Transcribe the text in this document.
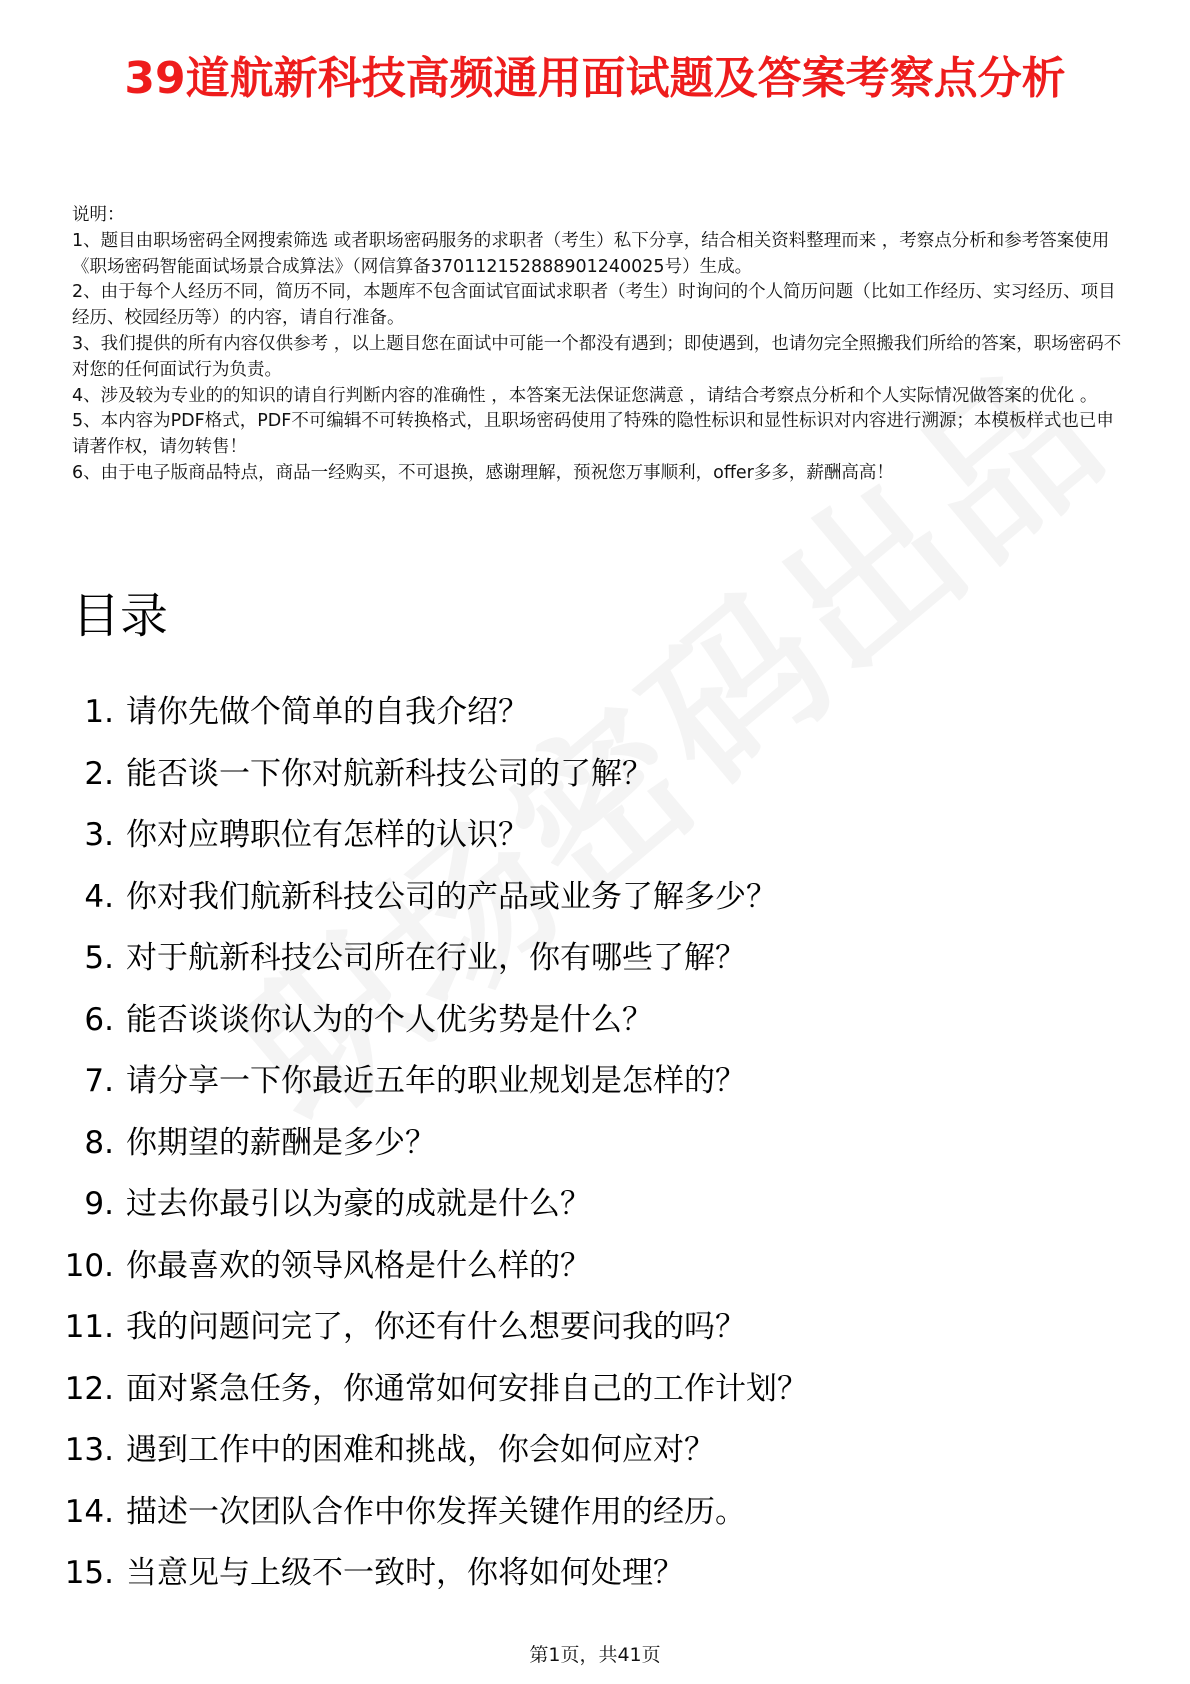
39道航新科技高频通用面试题及答案考察点分析

说明：

1、题目由职场密码全网搜索筛选 或者职场密码服务的求职者（考生）私下分享，结合相关资料整理而来 ，考察点分析和参考答案使用《职场密码智能面试场景合成算法》（网信算备370112152888901240025号）生成。

2、由于每个人经历不同，简历不同，本题库不包含面试官面试求职者（考生）时询问的个人简历问题（比如工作经历、实习经历、项目经历、校园经历等）的内容，请自行准备。

3、我们提供的所有内容仅供参考 ，以上题目您在面试中可能一个都没有遇到；即使遇到，也请勿完全照搬我们所给的答案，职场密码不对您的任何面试行为负责。

4、涉及较为专业的的知识的请自行判断内容的准确性 ，本答案无法保证您满意 ，请结合考察点分析和个人实际情况做答案的优化 。

5、本内容为PDF格式，PDF不可编辑不可转换格式，且职场密码使用了特殊的隐性标识和显性标识对内容进行溯源；本模板样式也已申请著作权，请勿转售！

6、由于电子版商品特点，商品一经购买，不可退换，感谢理解，预祝您万事顺利，offer多多，薪酬高高！

目录
1. 请你先做个简单的自我介绍？
2. 能否谈一下你对航新科技公司的了解？
3. 你对应聘职位有怎样的认识？
4. 你对我们航新科技公司的产品或业务了解多少？
5. 对于航新科技公司所在行业，你有哪些了解？
6. 能否谈谈你认为的个人优劣势是什么？
7. 请分享一下你最近五年的职业规划是怎样的？
8. 你期望的薪酬是多少？
9. 过去你最引以为豪的成就是什么？
10. 你最喜欢的领导风格是什么样的？
11. 我的问题问完了，你还有什么想要问我的吗？
12. 面对紧急任务，你通常如何安排自己的工作计划？
13. 遇到工作中的困难和挑战，你会如何应对？
14. 描述一次团队合作中你发挥关键作用的经历。
15. 当意见与上级不一致时，你将如何处理？
第1页，共41页
